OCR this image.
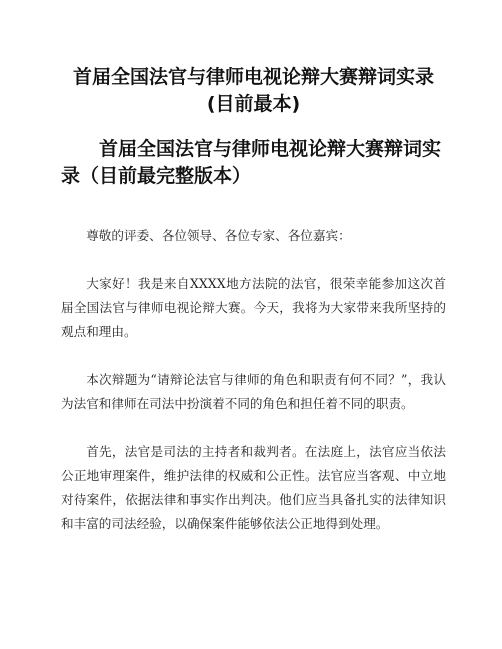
首届全国法官与律师电视论辩大赛辩词实录(目前最本)
首届全国法官与律师电视论辩大赛辩词实录（目前最完整版本）

尊敬的评委、各位领导、各位专家、各位嘉宾：

大家好！我是来自XXXX地方法院的法官，很荣幸能参加这次首届全国法官与律师电视论辩大赛。今天，我将为大家带来我所坚持的观点和理由。

本次辩题为“请辩论法官与律师的角色和职责有何不同？”，我认为法官和律师在司法中扮演着不同的角色和担任着不同的职责。

首先，法官是司法的主持者和裁判者。在法庭上，法官应当依法公正地审理案件，维护法律的权威和公正性。法官应当客观、中立地对待案件，依据法律和事实作出判决。他们应当具备扎实的法律知识和丰富的司法经验，以确保案件能够依法公正地得到处理。
